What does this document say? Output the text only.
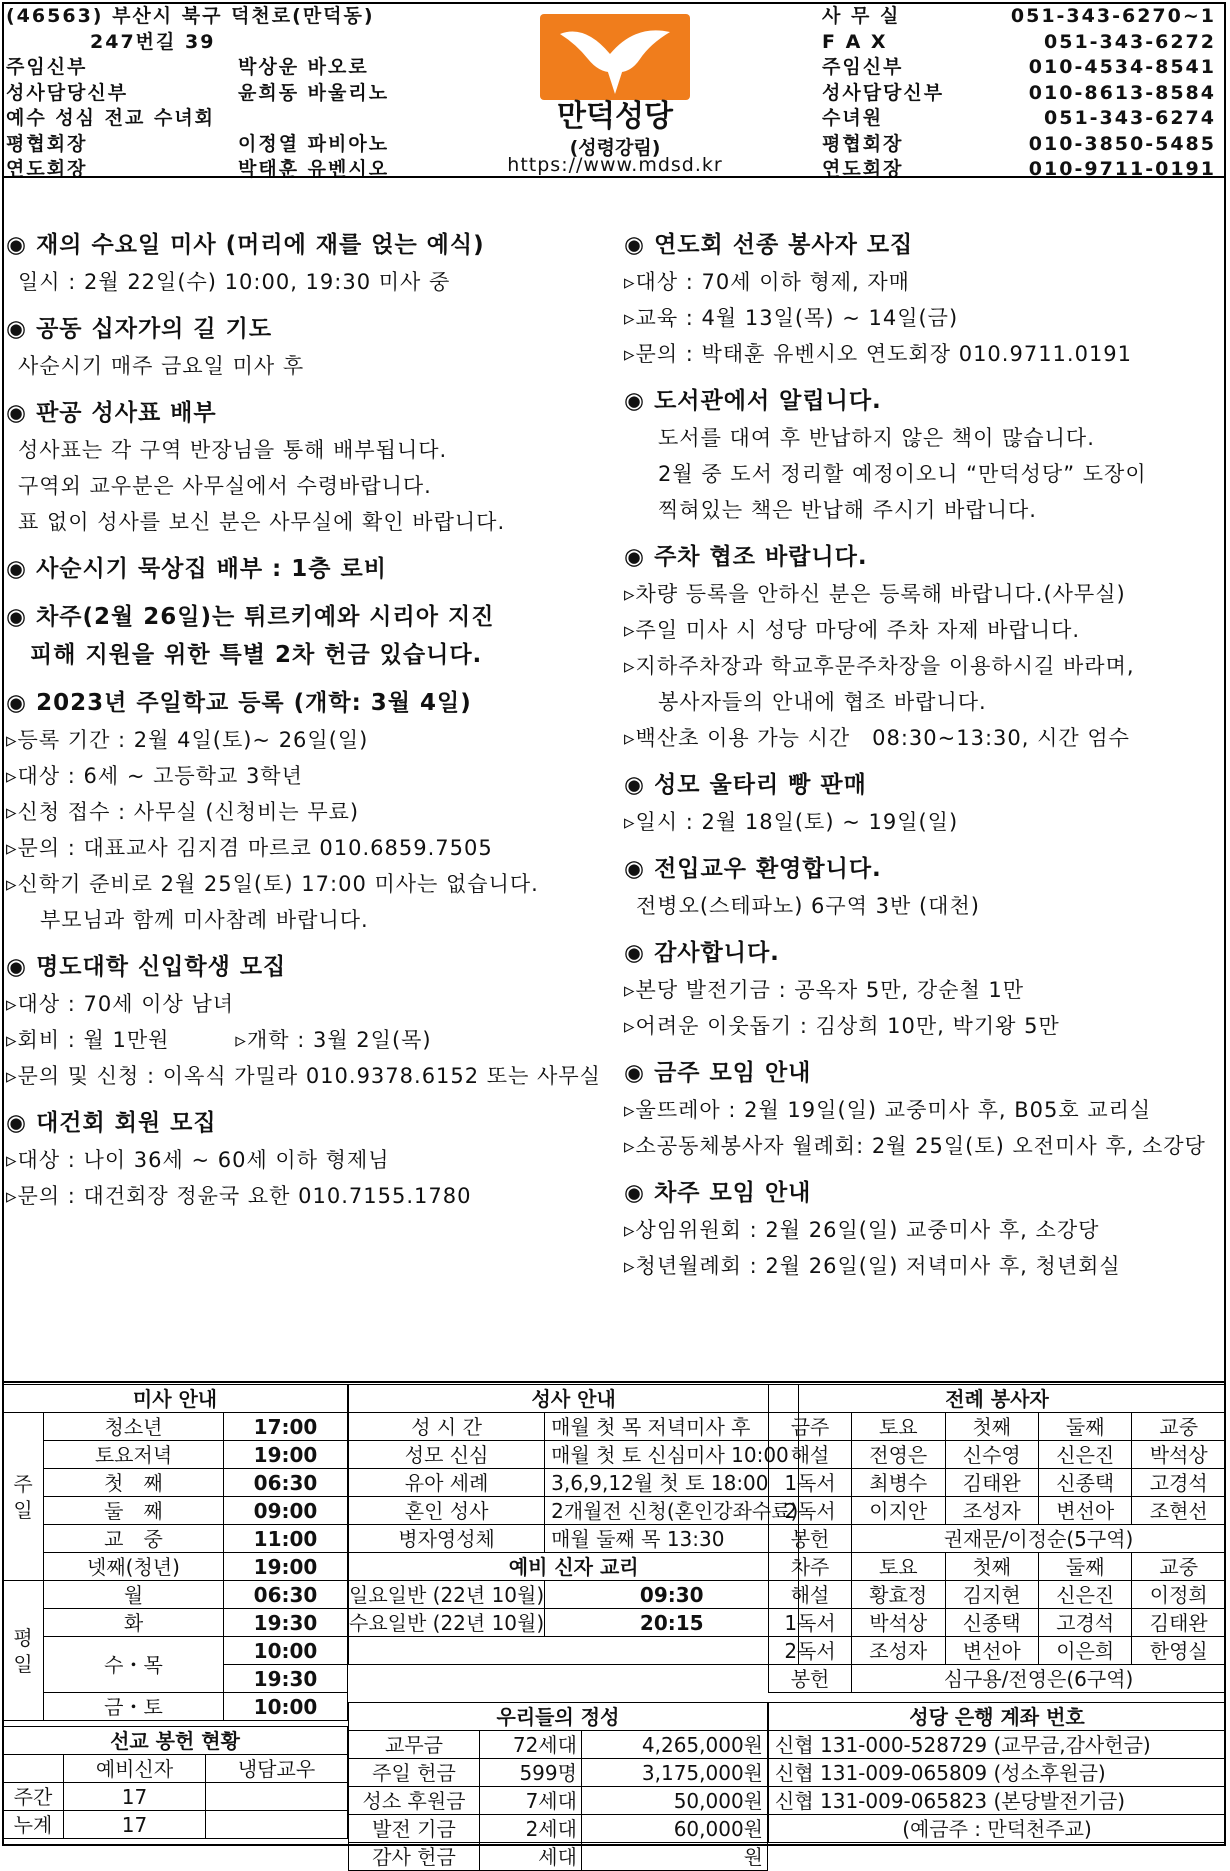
(46563) 부산시 북구 덕천로(만덕동)
　　　　247번길 39
주임신부	박상운 바오로
성사담당신부	윤희동 바울리노
예수 성심 전교 수녀회
평협회장	이정열 파비아노
연도회장	박태훈 유벤시오
만덕성당
(성령강림)
https://www.mdsd.kr
사 무 실	051-343-6270~1
F A X	051-343-6272
주임신부	010-4534-8541
성사담당신부	010-8613-8584
수녀원	051-343-6274
평협회장	010-3850-5485
연도회장	010-9711-0191
◉ 재의 수요일 미사 (머리에 재를 얹는 예식)
일시 : 2월 22일(수) 10:00, 19:30 미사 중
◉ 공동 십자가의 길 기도
사순시기 매주 금요일 미사 후
◉ 판공 성사표 배부
성사표는 각 구역 반장님을 통해 배부됩니다.
구역외 교우분은 사무실에서 수령바랍니다.
표 없이 성사를 보신 분은 사무실에 확인 바랍니다.
◉ 사순시기 묵상집 배부 : 1층 로비
◉ 차주(2월 26일)는 튀르키예와 시리아 지진
　피해 지원을 위한 특별 2차 헌금 있습니다.
◉ 2023년 주일학교 등록 (개학: 3월 4일)
▹등록 기간 : 2월 4일(토)~ 26일(일)
▹대상 : 6세 ~ 고등학교 3학년
▹신청 접수 : 사무실 (신청비는 무료)
▹문의 : 대표교사 김지겸 마르코 010.6859.7505
▹신학기 준비로 2월 25일(토) 17:00 미사는 없습니다.
　부모님과 함께 미사참례 바랍니다.
◉ 명도대학 신입학생 모집
▹대상 : 70세 이상 남녀
▹회비 : 월 1만원　　　▹개학 : 3월 2일(목)
▹문의 및 신청 : 이옥식 가밀라 010.9378.6152 또는 사무실
◉ 대건회 회원 모집
▹대상 : 나이 36세 ~ 60세 이하 형제님
▹문의 : 대건회장 정윤국 요한 010.7155.1780
◉ 연도회 선종 봉사자 모집
▹대상 : 70세 이하 형제, 자매
▹교육 : 4월 13일(목) ~ 14일(금)
▹문의 : 박태훈 유벤시오 연도회장 010.9711.0191
◉ 도서관에서 알립니다.
　도서를 대여 후 반납하지 않은 책이 많습니다.
　2월 중 도서 정리할 예정이오니 “만덕성당” 도장이
　찍혀있는 책은 반납해 주시기 바랍니다.
◉ 주차 협조 바랍니다.
▹차량 등록을 안하신 분은 등록해 바랍니다.(사무실)
▹주일 미사 시 성당 마당에 주차 자제 바랍니다.
▹지하주차장과 학교후문주차장을 이용하시길 바라며,
　봉사자들의 안내에 협조 바랍니다.
▹백산초 이용 가능 시간　08:30~13:30, 시간 엄수
◉ 성모 울타리 빵 판매
▹일시 : 2월 18일(토) ~ 19일(일)
◉ 전입교우 환영합니다.
전병오(스테파노) 6구역 3반 (대천)
◉ 감사합니다.
▹본당 발전기금 : 공옥자 5만, 강순철 1만
▹어려운 이웃돕기 : 김상희 10만, 박기왕 5만
◉ 금주 모임 안내
▹울뜨레아 : 2월 19일(일) 교중미사 후, B05호 교리실
▹소공동체봉사자 월례회: 2월 25일(토) 오전미사 후, 소강당
◉ 차주 모임 안내
▹상임위원회 : 2월 26일(일) 교중미사 후, 소강당
▹청년월례회 : 2월 26일(일) 저녁미사 후, 청년회실
미사 안내		
주
일	청소년	17:00
	토요저녁	19:00
	첫　째	06:30
	둘　째	09:00
	교　중	11:00
	넷째(청년)	19:00
평
일	월	06:30
	화	19:30
	수・목	10:00
		19:30
	금・토	10:00
성사 안내	
성 시 간	매월 첫 목 저녁미사 후
성모 신심	매월 첫 토 신심미사 10:00
유아 세례	3,6,9,12월 첫 토 18:00
혼인 성사	2개월전 신청(혼인강좌수료)
병자영성체	매월 둘째 목 13:30
예비 신자 교리	
일요일반 (22년 10월)	09:30
수요일반 (22년 10월)	20:15

전례 봉사자				
금주	토요	첫째	둘째	교중
해설	전영은	신수영	신은진	박석상
1독서	최병수	김태완	신종택	고경석
2독서	이지안	조성자	변선아	조현선
봉헌	권재문/이정순(5구역)			
차주	토요	첫째	둘째	교중
해설	황효정	김지현	신은진	이정희
1독서	박석상	신종택	고경석	김태완
2독서	조성자	변선아	이은희	한영실
봉헌	심구용/전영은(6구역)			
선교 봉헌 현황		
	예비신자	냉담교우
주간	17	
누계	17	
우리들의 정성		
교무금	72세대	4,265,000원
주일 헌금	599명	3,175,000원
성소 후원금	7세대	50,000원
발전 기금	2세대	60,000원
감사 헌금	세대	원
성당 은행 계좌 번호
신협 131-000-528729 (교무금,감사헌금)
신협 131-009-065809 (성소후원금)
신협 131-009-065823 (본당발전기금)
(예금주 : 만덕천주교)
